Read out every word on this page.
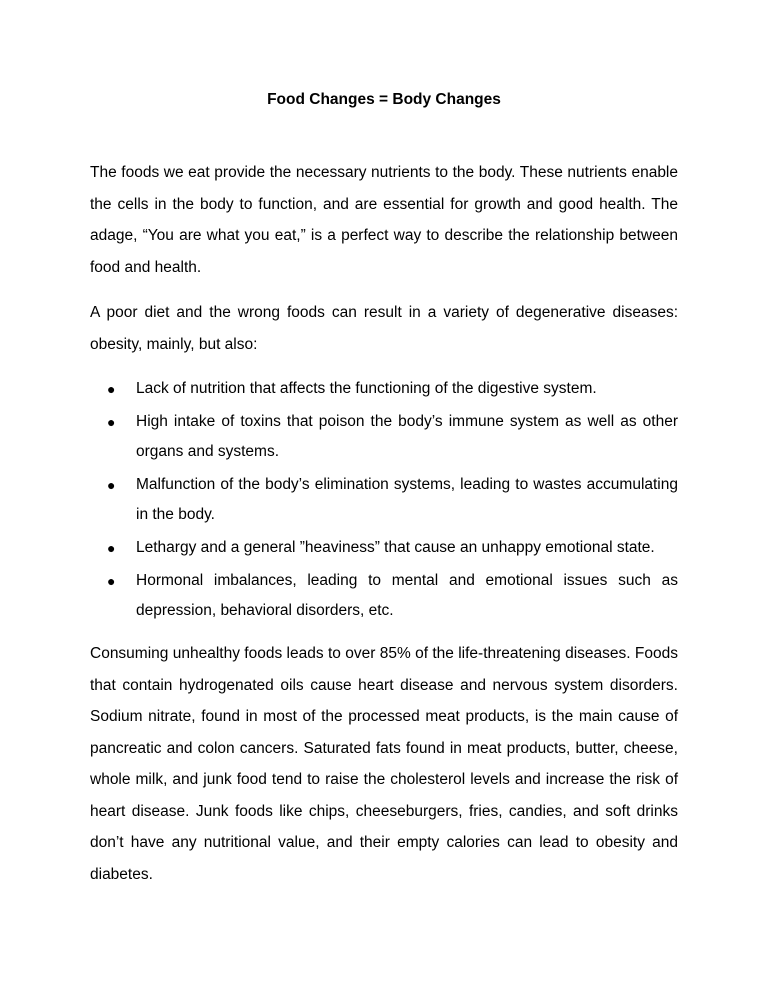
Food Changes = Body Changes

The foods we eat provide the necessary nutrients to the body. These nutrients enable the cells in the body to function, and are essential for growth and good health. The adage, “You are what you eat,” is a perfect way to describe the relationship between food and health.

A poor diet and the wrong foods can result in a variety of degenerative diseases: obesity, mainly, but also:

● Lack of nutrition that affects the functioning of the digestive system.
● High intake of toxins that poison the body’s immune system as well as other organs and systems.
● Malfunction of the body’s elimination systems, leading to wastes accumulating in the body.
● Lethargy and a general ”heaviness” that cause an unhappy emotional state.
● Hormonal imbalances, leading to mental and emotional issues such as depression, behavioral disorders, etc.

Consuming unhealthy foods leads to over 85% of the life-threatening diseases. Foods that contain hydrogenated oils cause heart disease and nervous system disorders. Sodium nitrate, found in most of the processed meat products, is the main cause of pancreatic and colon cancers. Saturated fats found in meat products, butter, cheese, whole milk, and junk food tend to raise the cholesterol levels and increase the risk of heart disease. Junk foods like chips, cheeseburgers, fries, candies, and soft drinks don’t have any nutritional value, and their empty calories can lead to obesity and diabetes.
